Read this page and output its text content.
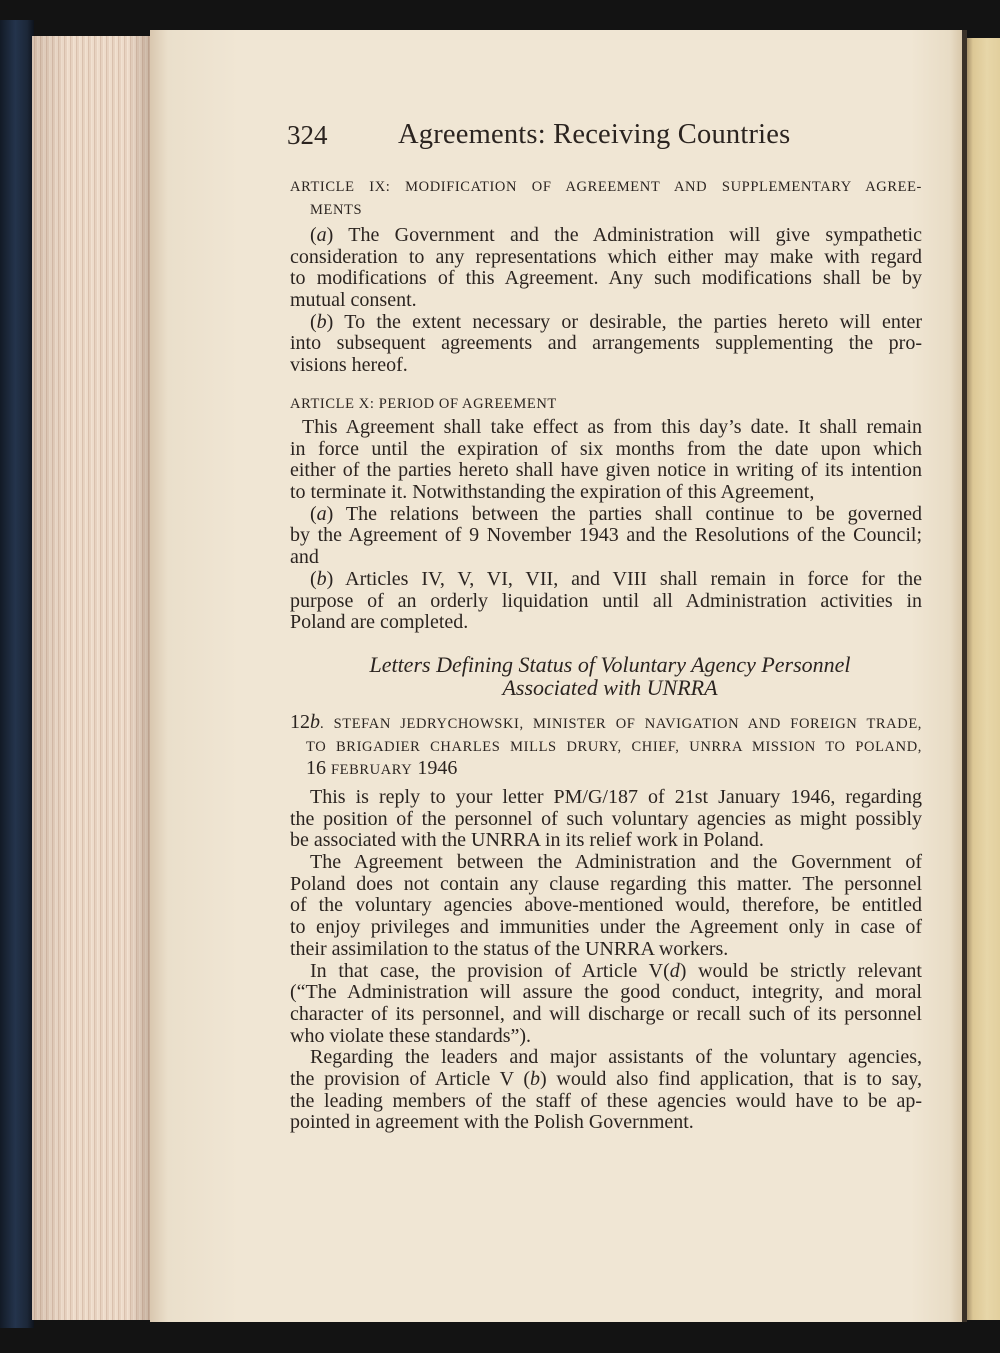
324 Agreements: Receiving Countries
ARTICLE IX: MODIFICATION OF AGREEMENT AND SUPPLEMENTARY AGREE-
MENTS
(a) The Government and the Administration will give sympathetic
consideration to any representations which either may make with regard
to modifications of this Agreement. Any such modifications shall be by
mutual consent.
(b) To the extent necessary or desirable, the parties hereto will enter
into subsequent agreements and arrangements supplementing the pro-
visions hereof.
ARTICLE X: PERIOD OF AGREEMENT
This Agreement shall take effect as from this day’s date. It shall remain
in force until the expiration of six months from the date upon which
either of the parties hereto shall have given notice in writing of its intention
to terminate it. Notwithstanding the expiration of this Agreement,
(a) The relations between the parties shall continue to be governed
by the Agreement of 9 November 1943 and the Resolutions of the Council;
and
(b) Articles IV, V, VI, VII, and VIII shall remain in force for the
purpose of an orderly liquidation until all Administration activities in
Poland are completed.
Letters Defining Status of Voluntary Agency Personnel
Associated with UNRRA
12b. STEFAN JEDRYCHOWSKI, MINISTER OF NAVIGATION AND FOREIGN TRADE,
TO BRIGADIER CHARLES MILLS DRURY, CHIEF, UNRRA MISSION TO POLAND,
16 FEBRUARY 1946
This is reply to your letter PM/G/187 of 21st January 1946, regarding
the position of the personnel of such voluntary agencies as might possibly
be associated with the UNRRA in its relief work in Poland.
The Agreement between the Administration and the Government of
Poland does not contain any clause regarding this matter. The personnel
of the voluntary agencies above-mentioned would, therefore, be entitled
to enjoy privileges and immunities under the Agreement only in case of
their assimilation to the status of the UNRRA workers.
In that case, the provision of Article V(d) would be strictly relevant
(“The Administration will assure the good conduct, integrity, and moral
character of its personnel, and will discharge or recall such of its personnel
who violate these standards”).
Regarding the leaders and major assistants of the voluntary agencies,
the provision of Article V (b) would also find application, that is to say,
the leading members of the staff of these agencies would have to be ap-
pointed in agreement with the Polish Government.
